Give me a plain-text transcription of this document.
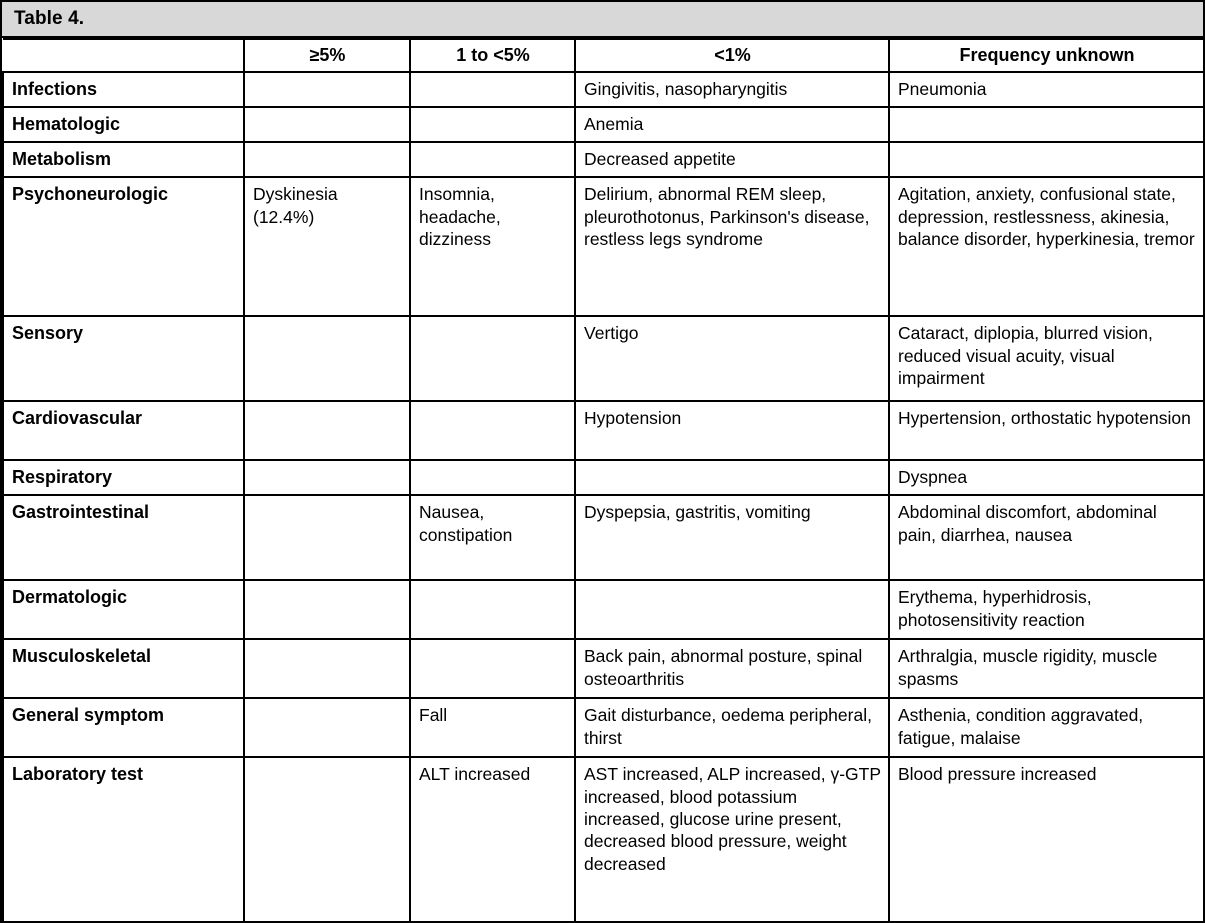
Table 4.
	≥5%	1 to <5%	<1%	Frequency unknown
Infections			Gingivitis, nasopharyngitis	Pneumonia
Hematologic			Anemia	
Metabolism			Decreased appetite	
Psychoneurologic	Dyskinesia (12.4%)	Insomnia, headache, dizziness	Delirium, abnormal REM sleep, pleurothotonus, Parkinson's disease, restless legs syndrome	Agitation, anxiety, confusional state, depression, restlessness, akinesia, balance disorder, hyperkinesia, tremor
Sensory			Vertigo	Cataract, diplopia, blurred vision, reduced visual acuity, visual impairment
Cardiovascular			Hypotension	Hypertension, orthostatic hypotension
Respiratory				Dyspnea
Gastrointestinal		Nausea, constipation	Dyspepsia, gastritis, vomiting	Abdominal discomfort, abdominal pain, diarrhea, nausea
Dermatologic				Erythema, hyperhidrosis, photosensitivity reaction
Musculoskeletal			Back pain, abnormal posture, spinal osteoarthritis	Arthralgia, muscle rigidity, muscle spasms
General symptom		Fall	Gait disturbance, oedema peripheral, thirst	Asthenia, condition aggravated, fatigue, malaise
Laboratory test		ALT increased	AST increased, ALP increased, γ-GTP increased, blood potassium increased, glucose urine present, decreased blood pressure, weight decreased	Blood pressure increased
